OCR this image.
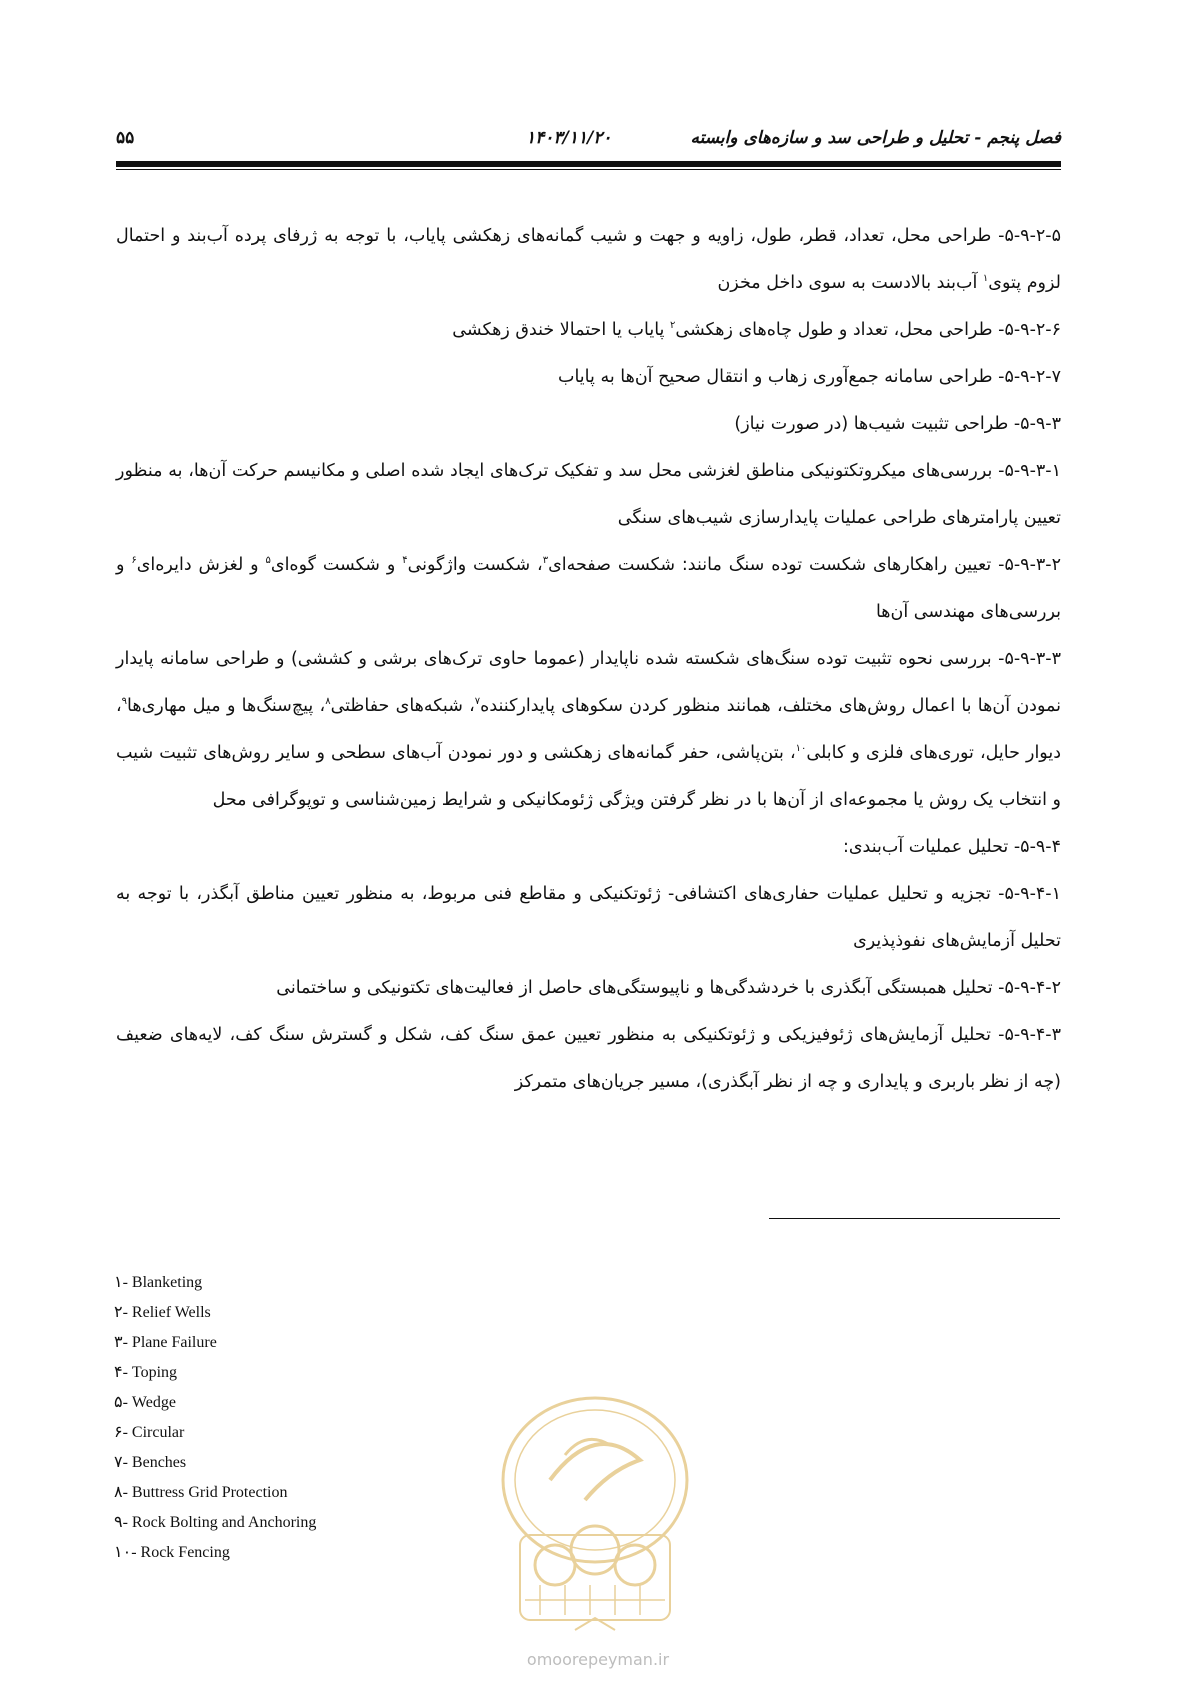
فصل پنجم - تحلیل و طراحی سد و سازه‌های وابسته
۱۴۰۳/۱۱/۲۰
۵۵

۵-۹-۲-۵- طراحی محل، تعداد، قطر، طول، زاویه و جهت و شیب گمانه‌های زهکشی پایاب، با توجه به ژرفای پرده آب‌بند و احتمال لزوم پتوی$^۱$ آب‌بند بالادست به سوی داخل مخزن

۵-۹-۲-۶- طراحی محل، تعداد و طول چاه‌های زهکشی$^۲$ پایاب یا احتمالا خندق زهکشی

۵-۹-۲-۷- طراحی سامانه جمع‌آوری زهاب و انتقال صحیح آن‌ها به پایاب

۵-۹-۳- طراحی تثبیت شیب‌ها (در صورت نیاز)

۵-۹-۳-۱- بررسی‌های میکروتکتونیکی مناطق لغزشی محل سد و تفکیک ترک‌های ایجاد شده اصلی و مکانیسم حرکت آن‌ها، به منظور تعیین پارامترهای طراحی عملیات پایدارسازی شیب‌های سنگی

۵-۹-۳-۲- تعیین راهکارهای شکست توده سنگ مانند: شکست صفحه‌ای$^۳$، شکست واژگونی$^۴$ و شکست گوه‌ای$^۵$ و لغزش دایره‌ای$^۶$ و بررسی‌های مهندسی آن‌ها

۵-۹-۳-۳- بررسی نحوه تثبیت توده سنگ‌های شکسته شده ناپایدار (عموما حاوی ترک‌های برشی و کششی) و طراحی سامانه پایدار نمودن آن‌ها با اعمال روش‌های مختلف، همانند منظور کردن سکوهای پایدارکننده$^۷$، شبکه‌های حفاظتی$^۸$، پیچ‌سنگ‌ها و میل مهاری‌ها$^۹$، دیوار حایل، توری‌های فلزی و کابلی$^{۱۰}$، بتن‌پاشی، حفر گمانه‌های زهکشی و دور نمودن آب‌های سطحی و سایر روش‌های تثبیت شیب و انتخاب یک روش یا مجموعه‌ای از آن‌ها با در نظر گرفتن ویژگی ژئومکانیکی و شرایط زمین‌شناسی و توپوگرافی محل

۵-۹-۴- تحلیل عملیات آب‌بندی:

۵-۹-۴-۱- تجزیه و تحلیل عملیات حفاری‌های اکتشافی- ژئوتکنیکی و مقاطع فنی مربوط، به منظور تعیین مناطق آبگذر، با توجه به تحلیل آزمایش‌های نفوذپذیری

۵-۹-۴-۲- تحلیل همبستگی آبگذری با خردشدگی‌ها و ناپیوستگی‌های حاصل از فعالیت‌های تکتونیکی و ساختمانی

۵-۹-۴-۳- تحلیل آزمایش‌های ژئوفیزیکی و ژئوتکنیکی به منظور تعیین عمق سنگ کف، شکل و گسترش سنگ کف، لایه‌های ضعیف (چه از نظر باربری و پایداری و چه از نظر آبگذری)، مسیر جریان‌های متمرکز

۱- Blanketing

۲- Relief Wells

۳- Plane Failure

۴- Toping

۵- Wedge

۶- Circular

۷- Benches

۸- Buttress Grid Protection

۹- Rock Bolting and Anchoring

۱۰- Rock Fencing

omoorepeyman.ir
